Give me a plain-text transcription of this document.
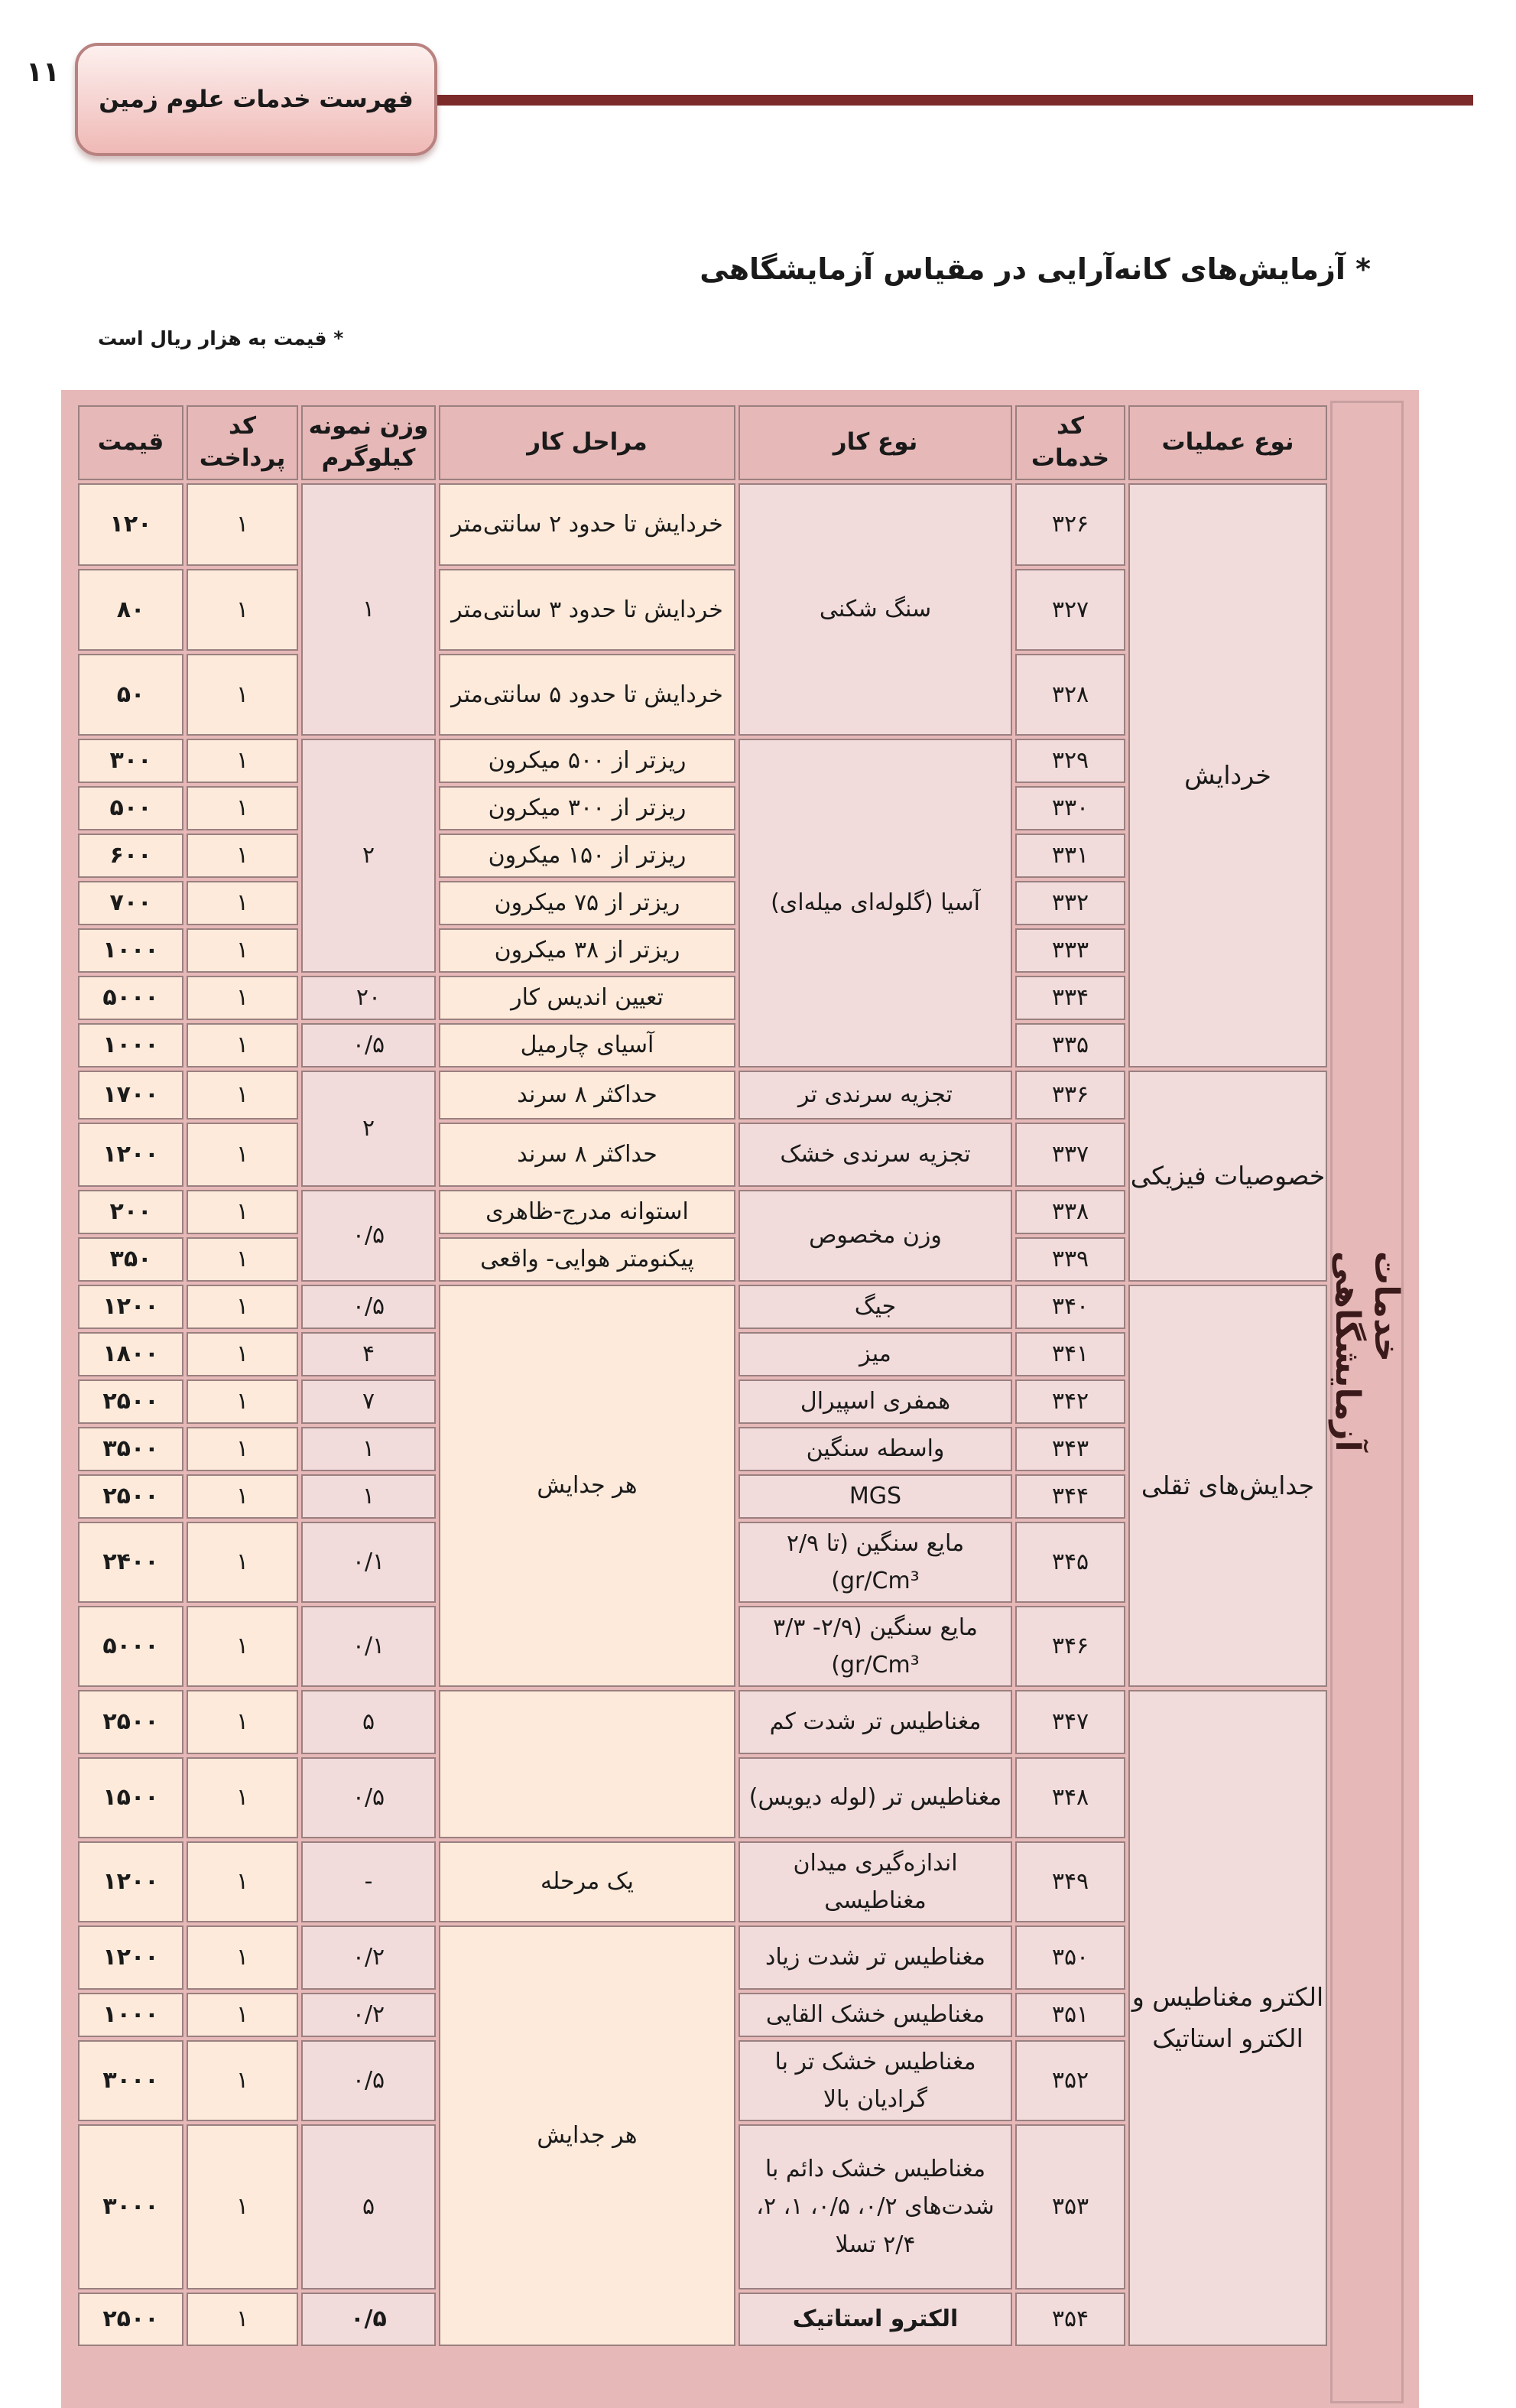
۱۱
فهرست خدمات علوم زمین
* آزمایش‌های کانه‌آرایی در مقیاس آزمایشگاهی
* قیمت به هزار ریال است
خدمات آزمایشگاهی
نوع عملیات	کد خدمات	نوع کار	مراحل کار	وزن نمونه کیلوگرم	کد پرداخت	قیمت
خردایش	۳۲۶	سنگ شکنی	خردایش تا حدود ۲ سانتی‌متر	۱	۱	۱۲۰
	۳۲۷		خردایش تا حدود ۳ سانتی‌متر		۱	۸۰
	۳۲۸		خردایش تا حدود ۵ سانتی‌متر		۱	۵۰
	۳۲۹	آسیا (گلوله‌ای میله‌ای)	ریزتر از ۵۰۰ میکرون	۲	۱	۳۰۰
	۳۳۰		ریزتر از ۳۰۰ میکرون		۱	۵۰۰
	۳۳۱		ریزتر از ۱۵۰ میکرون		۱	۶۰۰
	۳۳۲		ریزتر از ۷۵ میکرون		۱	۷۰۰
	۳۳۳		ریزتر از ۳۸ میکرون		۱	۱۰۰۰
	۳۳۴		تعیین اندیس کار	۲۰	۱	۵۰۰۰
	۳۳۵		آسیای چارمیل	۰/۵	۱	۱۰۰۰
خصوصیات فیزیکی	۳۳۶	تجزیه سرندی تر	حداکثر ۸ سرند	۲	۱	۱۷۰۰
	۳۳۷	تجزیه سرندی خشک	حداکثر ۸ سرند		۱	۱۲۰۰
	۳۳۸	وزن مخصوص	استوانه مدرج-ظاهری	۰/۵	۱	۲۰۰
	۳۳۹		پیکنومتر هوایی- واقعی		۱	۳۵۰
جدایش‌های ثقلی	۳۴۰	جیگ	هر جدایش	۰/۵	۱	۱۲۰۰
	۳۴۱	میز		۴	۱	۱۸۰۰
	۳۴۲	همفری اسپیرال		۷	۱	۲۵۰۰
	۳۴۳	واسطه سنگین		۱	۱	۳۵۰۰
	۳۴۴	MGS		۱	۱	۲۵۰۰
	۳۴۵	مایع سنگین (تا ۲/۹ gr/Cm³)		۰/۱	۱	۲۴۰۰
	۳۴۶	مایع سنگین (۲/۹- ۳/۳ gr/Cm³)		۰/۱	۱	۵۰۰۰
الکترو مغناطیس و الکترو استاتیک	۳۴۷	مغناطیس تر شدت کم		۵	۱	۲۵۰۰
	۳۴۸	مغناطیس تر (لوله دیویس)		۰/۵	۱	۱۵۰۰
	۳۴۹	اندازه‌گیری میدان مغناطیسی	یک مرحله	-	۱	۱۲۰۰
	۳۵۰	مغناطیس تر شدت زیاد	هر جدایش	۰/۲	۱	۱۲۰۰
	۳۵۱	مغناطیس خشک القایی		۰/۲	۱	۱۰۰۰
	۳۵۲	مغناطیس خشک تر با گرادیان بالا		۰/۵	۱	۳۰۰۰
	۳۵۳	مغناطیس خشک دائم با شدت‌های ۰/۲، ۰/۵، ۱، ۲، ۲/۴ تسلا		۵	۱	۳۰۰۰
	۳۵۴	الکترو استاتیک		۰/۵	۱	۲۵۰۰
